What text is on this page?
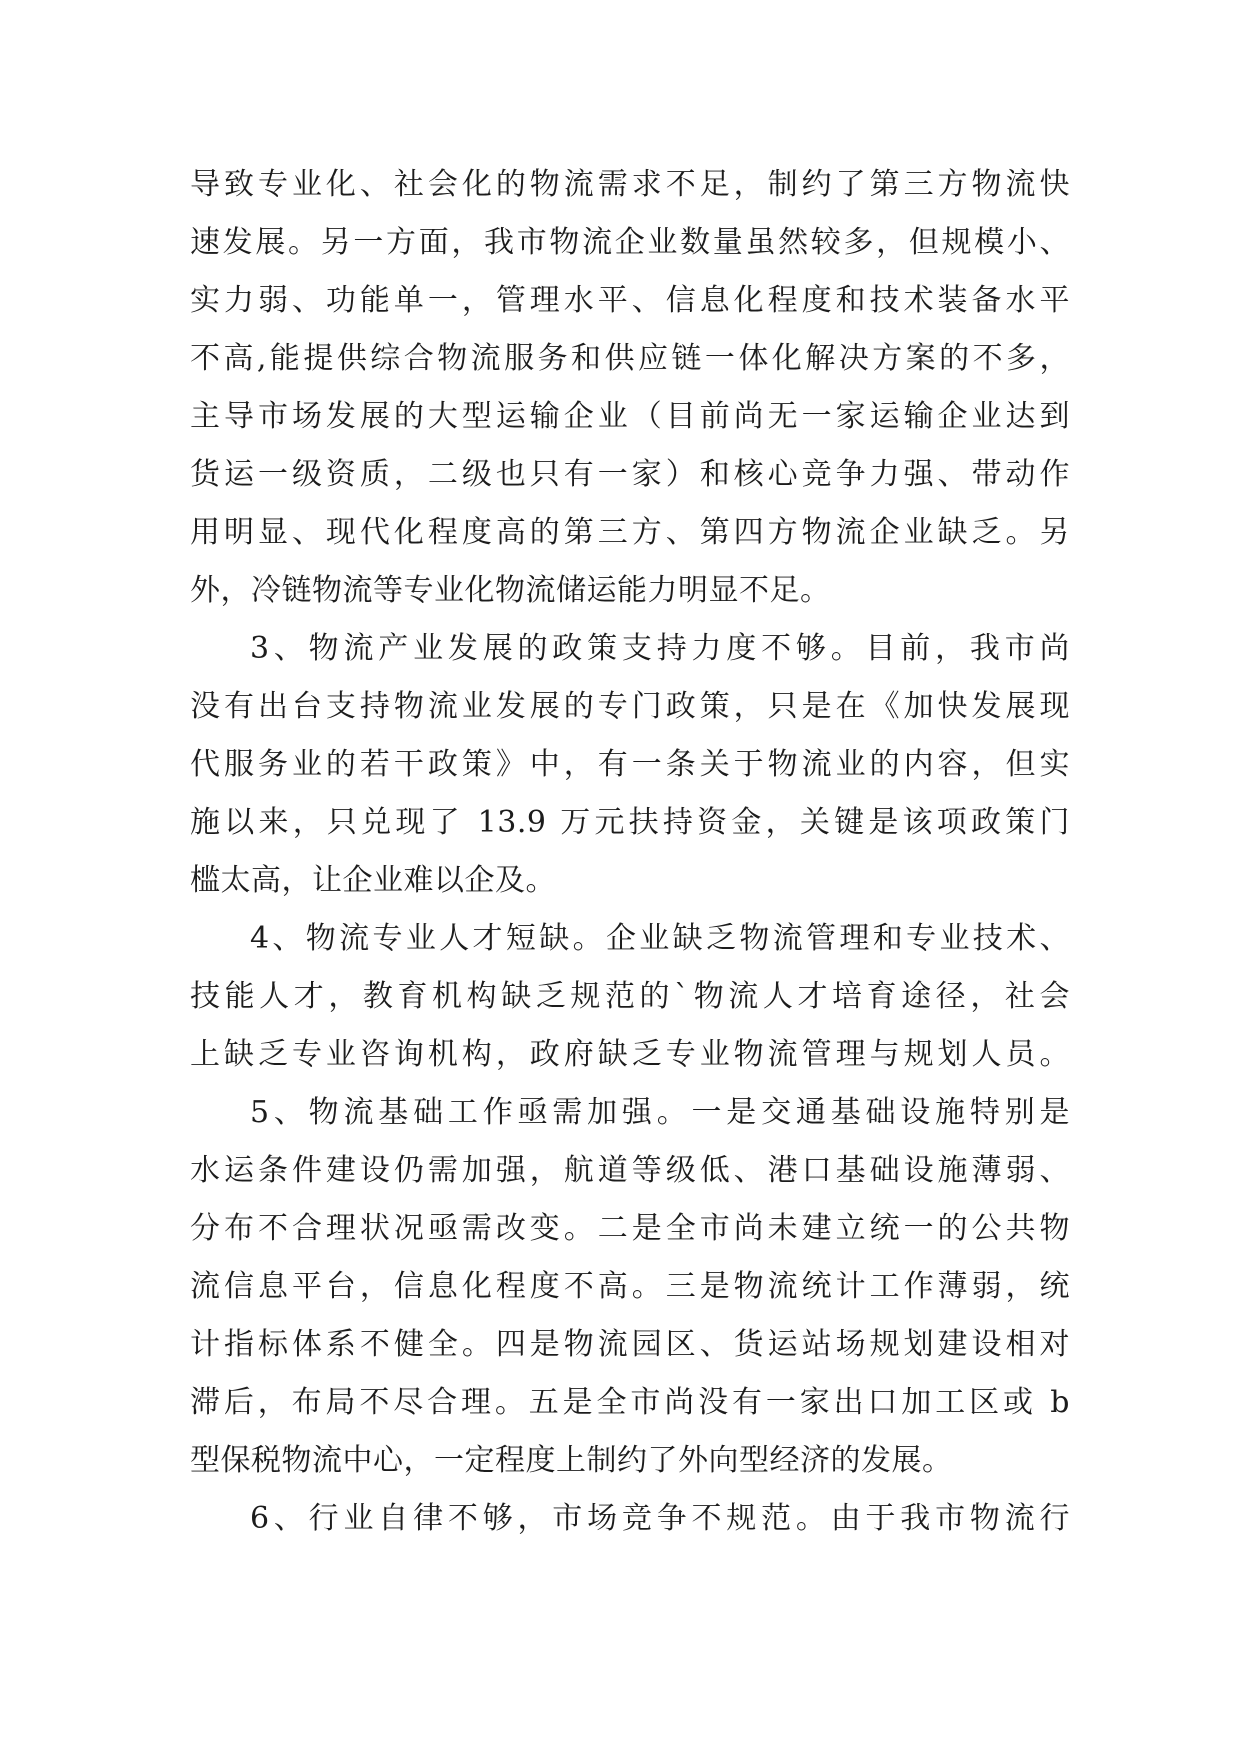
导致专业化、社会化的物流需求不足，制约了第三方物流快
速发展。另一方面，我市物流企业数量虽然较多，但规模小、
实力弱、功能单一，管理水平、信息化程度和技术装备水平
不高,能提供综合物流服务和供应链一体化解决方案的不多，
主导市场发展的大型运输企业（目前尚无一家运输企业达到
货运一级资质，二级也只有一家）和核心竞争力强、带动作
用明显、现代化程度高的第三方、第四方物流企业缺乏。另
外，冷链物流等专业化物流储运能力明显不足。
3、物流产业发展的政策支持力度不够。目前，我市尚
没有出台支持物流业发展的专门政策，只是在《加快发展现
代服务业的若干政策》中，有一条关于物流业的内容，但实
施以来，只兑现了 13.9 万元扶持资金，关键是该项政策门
槛太高，让企业难以企及。
4、物流专业人才短缺。企业缺乏物流管理和专业技术、
技能人才，教育机构缺乏规范的`物流人才培育途径，社会
上缺乏专业咨询机构，政府缺乏专业物流管理与规划人员。
5、物流基础工作亟需加强。一是交通基础设施特别是
水运条件建设仍需加强，航道等级低、港口基础设施薄弱、
分布不合理状况亟需改变。二是全市尚未建立统一的公共物
流信息平台，信息化程度不高。三是物流统计工作薄弱，统
计指标体系不健全。四是物流园区、货运站场规划建设相对
滞后，布局不尽合理。五是全市尚没有一家出口加工区或 b
型保税物流中心，一定程度上制约了外向型经济的发展。
6、行业自律不够，市场竞争不规范。由于我市物流行
